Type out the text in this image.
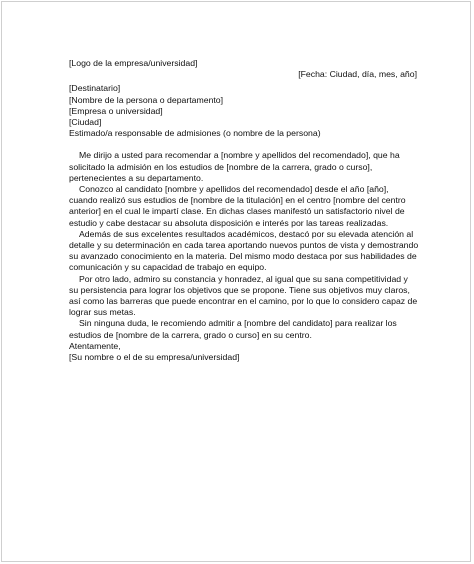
[Logo de la empresa/universidad]

[Fecha: Ciudad, día, mes, año]

[Destinatario]

[Nombre de la persona o departamento]

[Empresa o universidad]

[Ciudad]

Estimado/a responsable de admisiones (o nombre de la persona)

Me dirijo a usted para recomendar a [nombre y apellidos del recomendado], que ha solicitado la admisión en los estudios de [nombre de la carrera, grado o curso], pertenecientes a su departamento.

Conozco al candidato [nombre y apellidos del recomendado] desde el año [año], cuando realizó sus estudios de [nombre de la titulación] en el centro [nombre del centro anterior] en el cual le impartí clase. En dichas clases manifestó un satisfactorio nivel de estudio y cabe destacar su absoluta disposición e interés por las tareas realizadas.

Además de sus excelentes resultados académicos, destacó por su elevada atención al detalle y su determinación en cada tarea aportando nuevos puntos de vista y demostrando su avanzado conocimiento en la materia. Del mismo modo destaca por sus habilidades de comunicación y su capacidad de trabajo en equipo.

Por otro lado, admiro su constancia y honradez, al igual que su sana competitividad y su persistencia para lograr los objetivos que se propone. Tiene sus objetivos muy claros, así como las barreras que puede encontrar en el camino, por lo que lo considero capaz de lograr sus metas.

Sin ninguna duda, le recomiendo admitir a [nombre del candidato] para realizar los estudios de [nombre de la carrera, grado o curso] en su centro.

Atentamente,

[Su nombre o el de su empresa/universidad]
